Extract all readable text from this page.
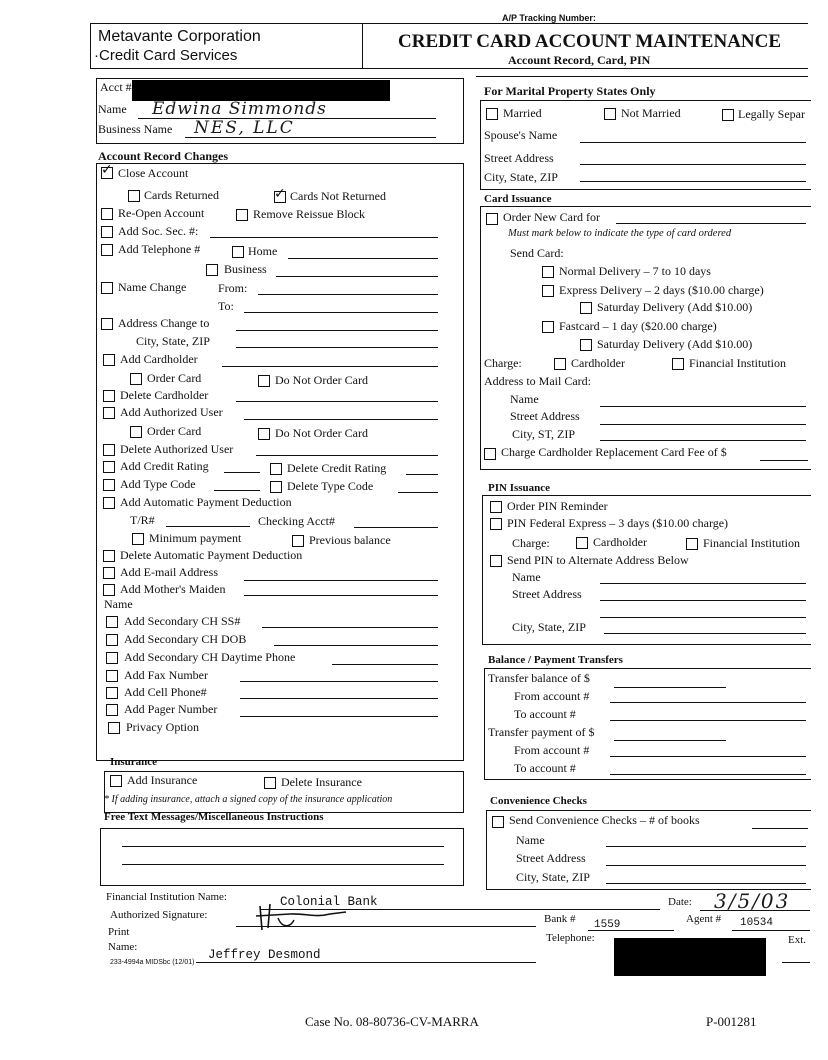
A/P Tracking Number:
Metavante Corporation
·Credit Card Services
CREDIT CARD ACCOUNT MAINTENANCE
Account Record, Card, PIN
Acct #
Name Edwina Simmonds
Business Name NES, LLC
Account Record Changes
✓
Close Account
Cards Returned
✓	Cards Not Returned
Re-Open Account	Remove Reissue Block
Add Soc. Sec. #:
Add Telephone #	Home
Business
Name Change	From:
To:
Address Change to
City, State, ZIP
Add Cardholder
Order Card	Do Not Order Card
Delete Cardholder
Add Authorized User
Order Card	Do Not Order Card
Delete Authorized User
Add Credit Rating	Delete Credit Rating
Add Type Code	Delete Type Code
Add Automatic Payment Deduction
T/R#	Checking Acct#
Minimum payment	Previous balance
Delete Automatic Payment Deduction
Add E-mail Address
Add Mother's Maiden
Name
Add Secondary CH SS#
Add Secondary CH DOB
Add Secondary CH Daytime Phone
Add Fax Number
Add Cell Phone#
Add Pager Number
Privacy Option
Insurance
Add Insurance	Delete Insurance
* If adding insurance, attach a signed copy of the insurance application
Free Text Messages/Miscellaneous Instructions
For Marital Property States Only
Married	Not Married	Legally Separ
Spouse's Name
Street Address
City, State, ZIP
Card Issuance
Order New Card for
Must mark below to indicate the type of card ordered
Send Card:
Normal Delivery – 7 to 10 days
Express Delivery – 2 days ($10.00 charge)
Saturday Delivery (Add $10.00)
Fastcard – 1 day ($20.00 charge)
Saturday Delivery (Add $10.00)
Charge:	Cardholder	Financial Institution
Address to Mail Card:
Name
Street Address
City, ST, ZIP
Charge Cardholder Replacement Card Fee of $
PIN Issuance
Order PIN Reminder
PIN Federal Express – 3 days ($10.00 charge)
Charge:	Cardholder	Financial Institution
Send PIN to Alternate Address Below
Name
Street Address
City, State, ZIP
Balance / Payment Transfers
Transfer balance of $
From account #
To account #
Transfer payment of $
From account #
To account #
Convenience Checks
Send Convenience Checks – # of books
Name
Street Address
City, State, ZIP
Financial Institution Name:	Colonial Bank	Date: 3/5/03
Authorized Signature:	Bank # 1559	Agent # 10534
Print
Name:
Jeffrey Desmond
Telephone:	Ext.
233-4994a MIDSbc (12/01)
Case No. 08-80736-CV-MARRA	P-001281
